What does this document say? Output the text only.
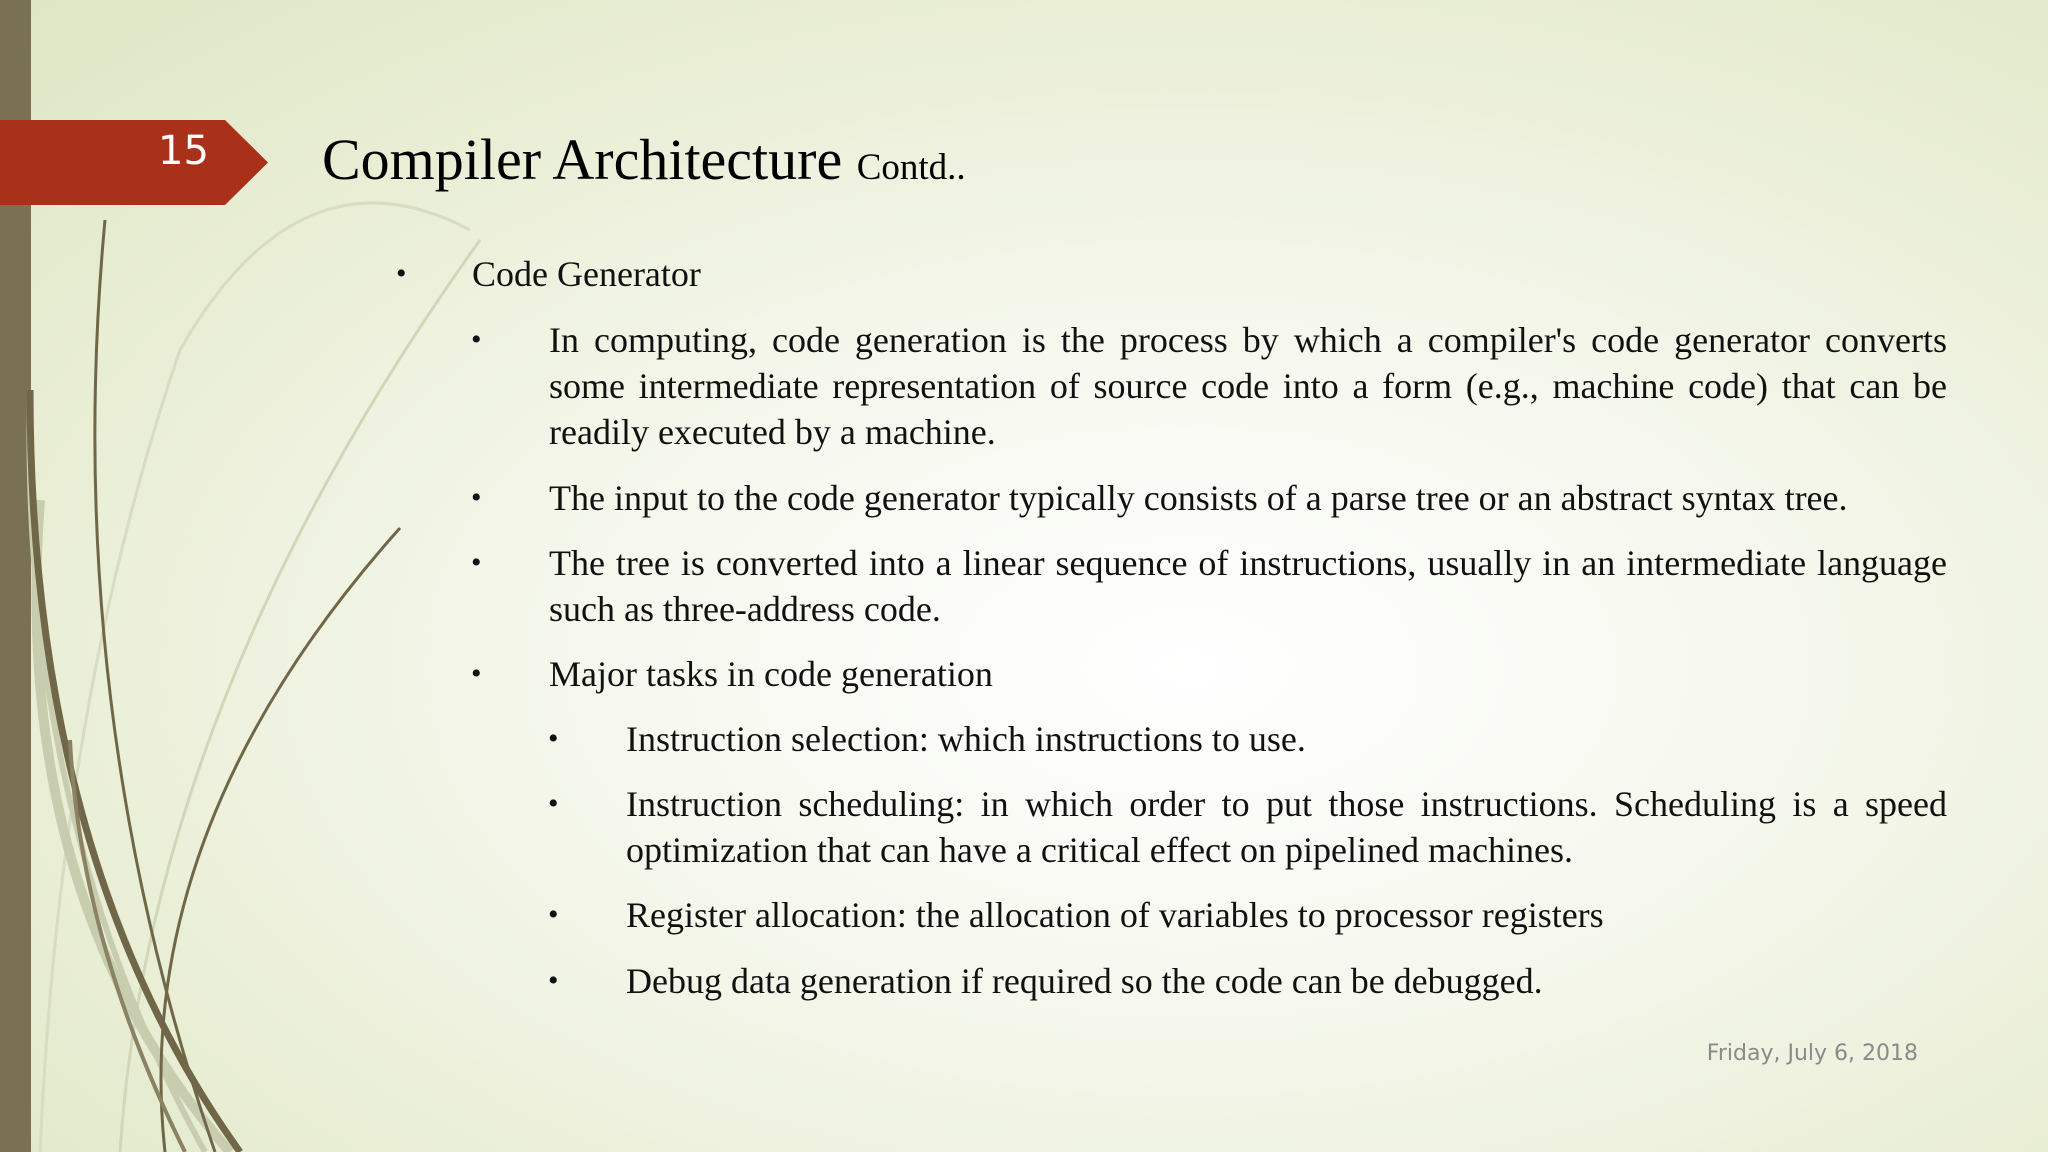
15 Compiler Architecture Contd..
• Code Generator
• In computing, code generation is the process by which a compiler's code generator converts some intermediate representation of source code into a form (e.g., machine code) that can be readily executed by a machine.
• The input to the code generator typically consists of a parse tree or an abstract syntax tree.
• The tree is converted into a linear sequence of instructions, usually in an intermediate language such as three-address code.
• Major tasks in code generation
• Instruction selection: which instructions to use.
• Instruction scheduling: in which order to put those instructions. Scheduling is a speed optimization that can have a critical effect on pipelined machines.
• Register allocation: the allocation of variables to processor registers
• Debug data generation if required so the code can be debugged.
Friday, July 6, 2018
